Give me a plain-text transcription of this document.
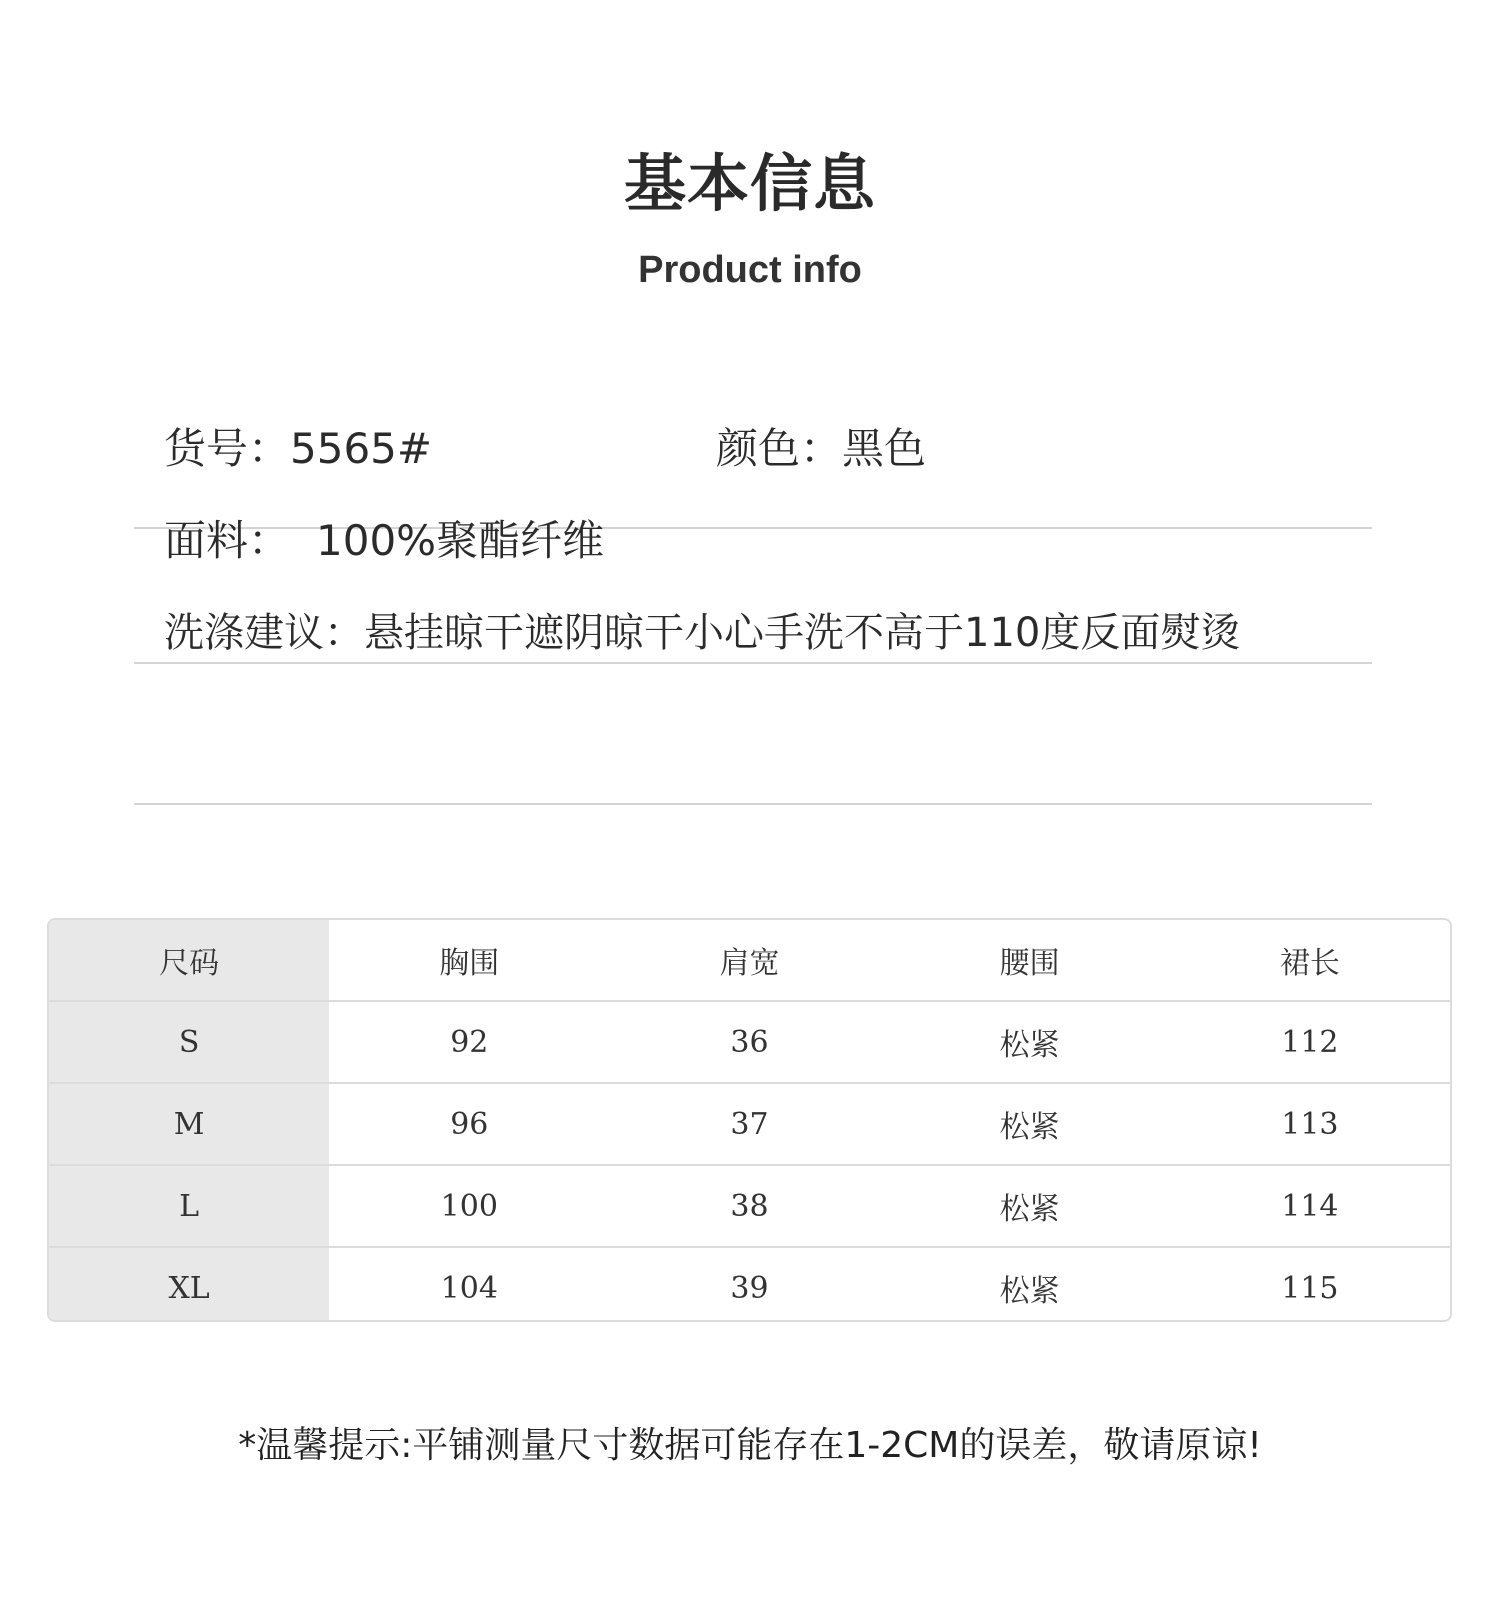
基本信息
Product info
货号：5565#	颜色：黑色
面料： 100%聚酯纤维
洗涤建议：悬挂晾干遮阴晾干小心手洗不高于110度反面熨烫
尺码	胸围	肩宽	腰围	裙长
S	92	36	松紧	112
M	96	37	松紧	113
L	100	38	松紧	114
XL	104	39	松紧	115
*温馨提示:平铺测量尺寸数据可能存在1-2CM的误差，敬请原谅!
